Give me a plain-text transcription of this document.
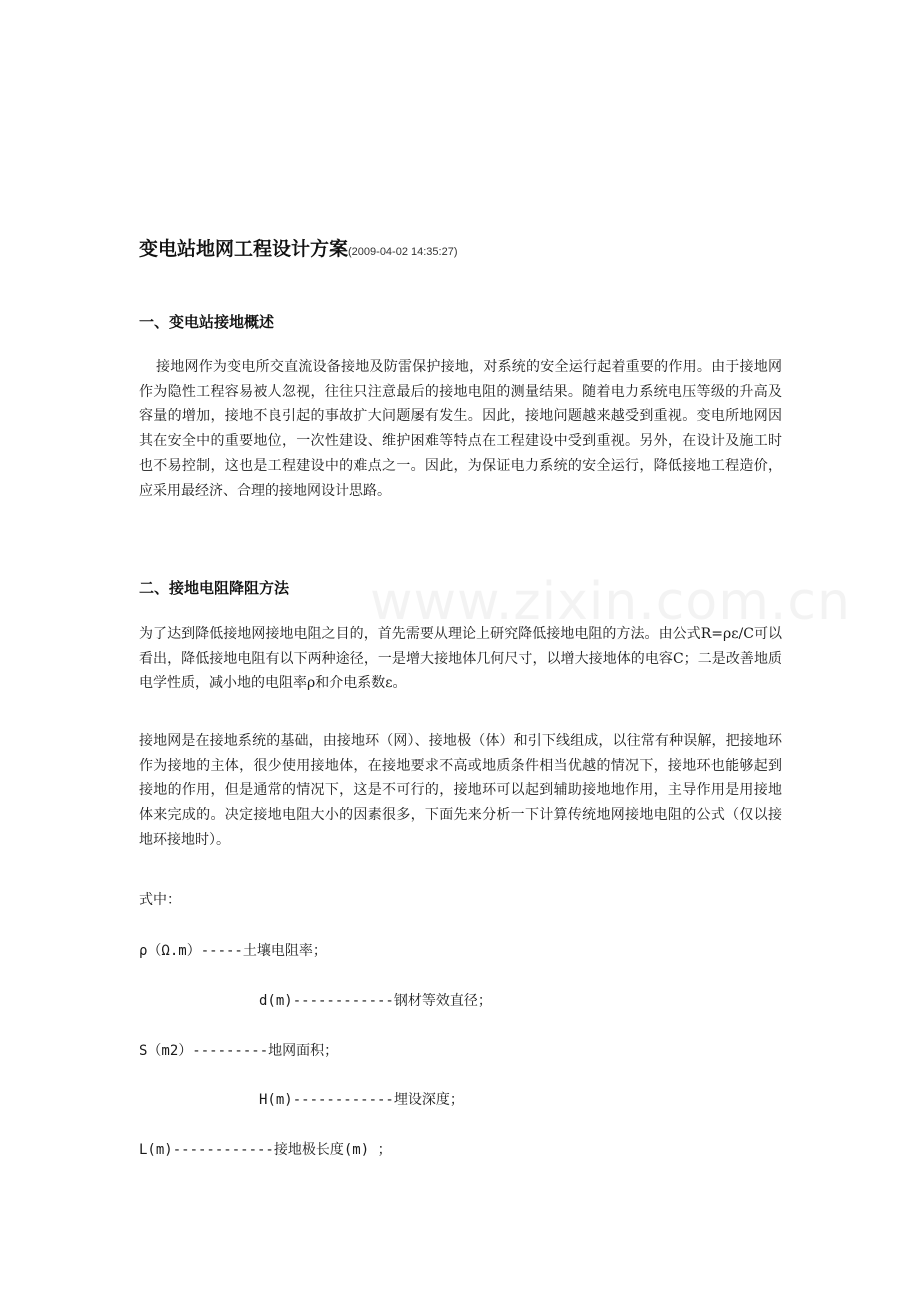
www.zixin.com.cn
变电站地网工程设计方案(2009-04-02 14:35:27)
一、变电站接地概述
接地网作为变电所交直流设备接地及防雷保护接地，对系统的安全运行起着重要的作用。由于接地网作为隐性工程容易被人忽视，往往只注意最后的接地电阻的测量结果。随着电力系统电压等级的升高及容量的增加，接地不良引起的事故扩大问题屡有发生。因此，接地问题越来越受到重视。变电所地网因其在安全中的重要地位，一次性建设、维护困难等特点在工程建设中受到重视。另外，在设计及施工时也不易控制，这也是工程建设中的难点之一。因此，为保证电力系统的安全运行，降低接地工程造价，应采用最经济、合理的接地网设计思路。
二、接地电阻降阻方法
为了达到降低接地网接地电阻之目的，首先需要从理论上研究降低接地电阻的方法。由公式R=ρε/C可以看出，降低接地电阻有以下两种途径，一是增大接地体几何尺寸，以增大接地体的电容C；二是改善地质电学性质，减小地的电阻率ρ和介电系数ε。
接地网是在接地系统的基础，由接地环（网）、接地极（体）和引下线组成，以往常有种误解，把接地环作为接地的主体，很少使用接地体，在接地要求不高或地质条件相当优越的情况下，接地环也能够起到接地的作用，但是通常的情况下，这是不可行的，接地环可以起到辅助接地地作用，主导作用是用接地体来完成的。决定接地电阻大小的因素很多，下面先来分析一下计算传统地网接地电阻的公式（仅以接地环接地时）。
式中：
ρ（Ω.m）-----土壤电阻率；
d(m)------------钢材等效直径；
S（m2）---------地网面积；
H(m)------------埋设深度；
L(m)------------接地极长度(m) ；
